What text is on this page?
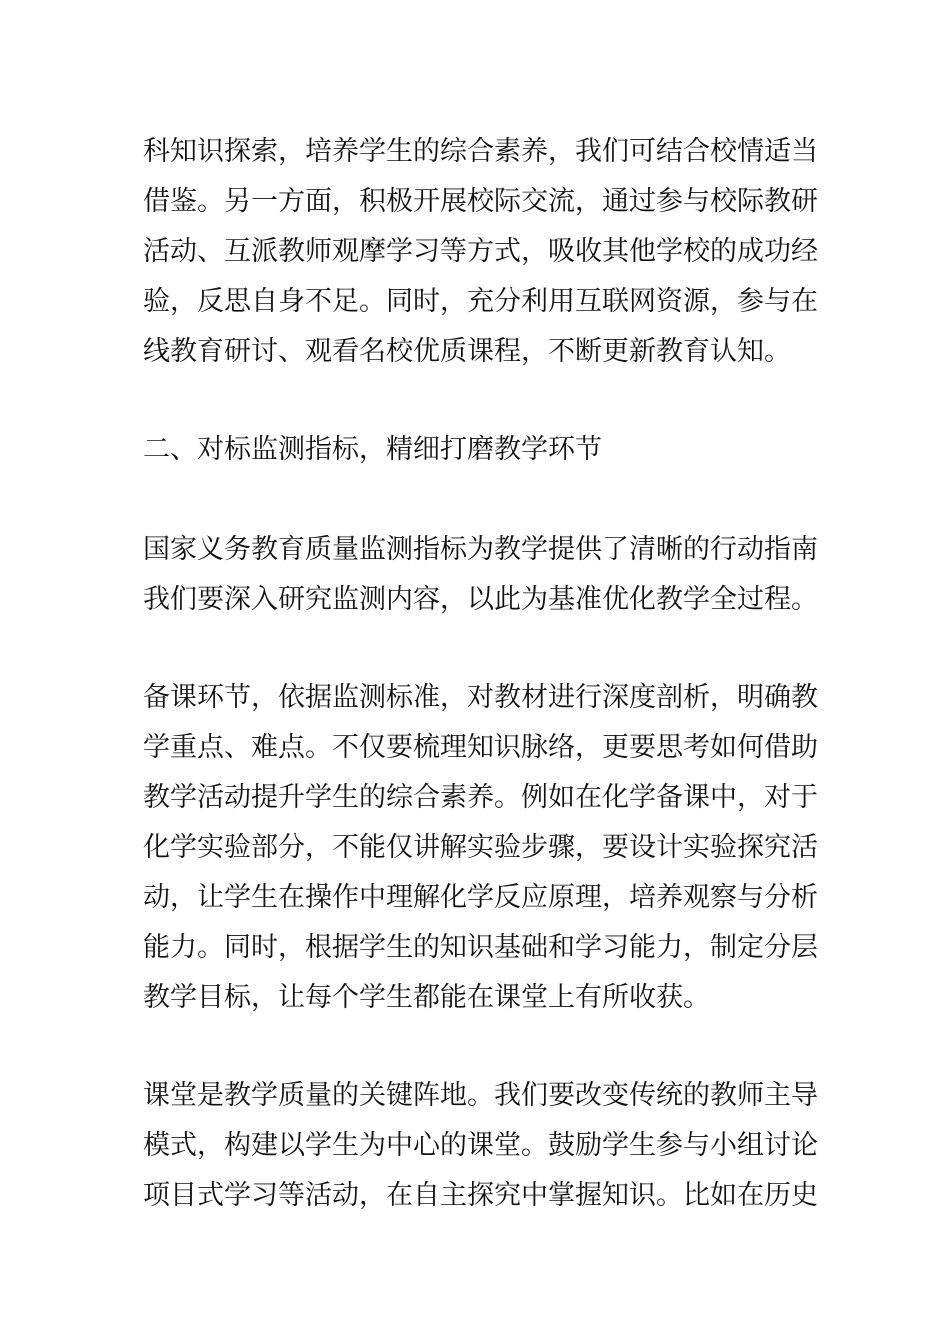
科知识探索，培养学生的综合素养，我们可结合校情适当
借鉴。另一方面，积极开展校际交流，通过参与校际教研
活动、互派教师观摩学习等方式，吸收其他学校的成功经
验，反思自身不足。同时，充分利用互联网资源，参与在
线教育研讨、观看名校优质课程，不断更新教育认知。
二、对标监测指标，精细打磨教学环节
国家义务教育质量监测指标为教学提供了清晰的行动指南
我们要深入研究监测内容，以此为基准优化教学全过程。
备课环节，依据监测标准，对教材进行深度剖析，明确教
学重点、难点。不仅要梳理知识脉络，更要思考如何借助
教学活动提升学生的综合素养。例如在化学备课中，对于
化学实验部分，不能仅讲解实验步骤，要设计实验探究活
动，让学生在操作中理解化学反应原理，培养观察与分析
能力。同时，根据学生的知识基础和学习能力，制定分层
教学目标，让每个学生都能在课堂上有所收获。
课堂是教学质量的关键阵地。我们要改变传统的教师主导
模式，构建以学生为中心的课堂。鼓励学生参与小组讨论
项目式学习等活动，在自主探究中掌握知识。比如在历史
